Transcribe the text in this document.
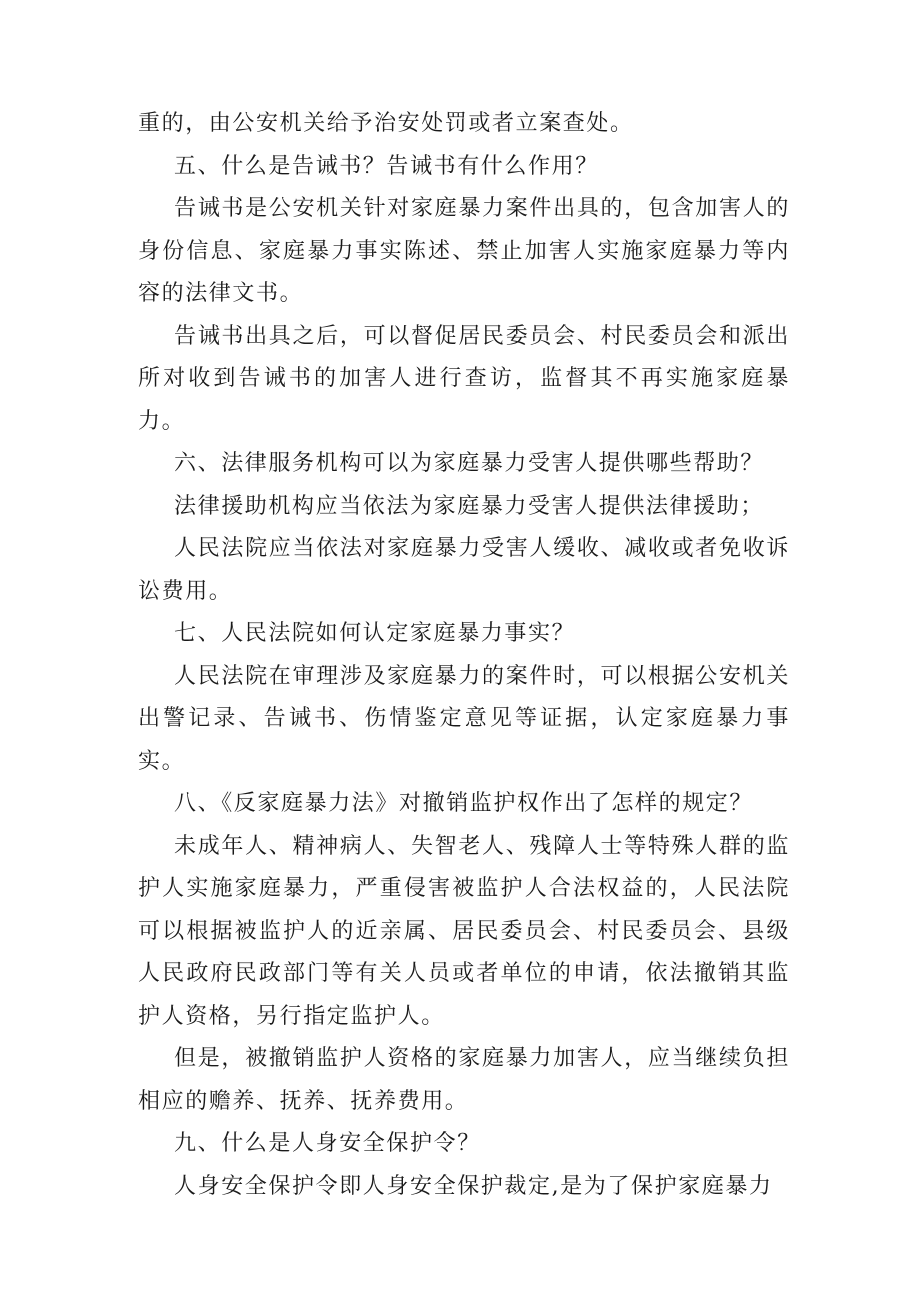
重的，由公安机关给予治安处罚或者立案查处。

五、什么是告诫书？告诫书有什么作用？

告诫书是公安机关针对家庭暴力案件出具的，包含加害人的身份信息、家庭暴力事实陈述、禁止加害人实施家庭暴力等内容的法律文书。

告诫书出具之后，可以督促居民委员会、村民委员会和派出所对收到告诫书的加害人进行查访，监督其不再实施家庭暴力。

六、法律服务机构可以为家庭暴力受害人提供哪些帮助？

法律援助机构应当依法为家庭暴力受害人提供法律援助；

人民法院应当依法对家庭暴力受害人缓收、减收或者免收诉讼费用。

七、人民法院如何认定家庭暴力事实？

人民法院在审理涉及家庭暴力的案件时，可以根据公安机关出警记录、告诫书、伤情鉴定意见等证据，认定家庭暴力事实。

八、《反家庭暴力法》对撤销监护权作出了怎样的规定？

未成年人、精神病人、失智老人、残障人士等特殊人群的监护人实施家庭暴力，严重侵害被监护人合法权益的，人民法院可以根据被监护人的近亲属、居民委员会、村民委员会、县级人民政府民政部门等有关人员或者单位的申请，依法撤销其监护人资格，另行指定监护人。

但是，被撤销监护人资格的家庭暴力加害人，应当继续负担相应的赡养、抚养、抚养费用。

九、什么是人身安全保护令？

人身安全保护令即人身安全保护裁定,是为了保护家庭暴力
